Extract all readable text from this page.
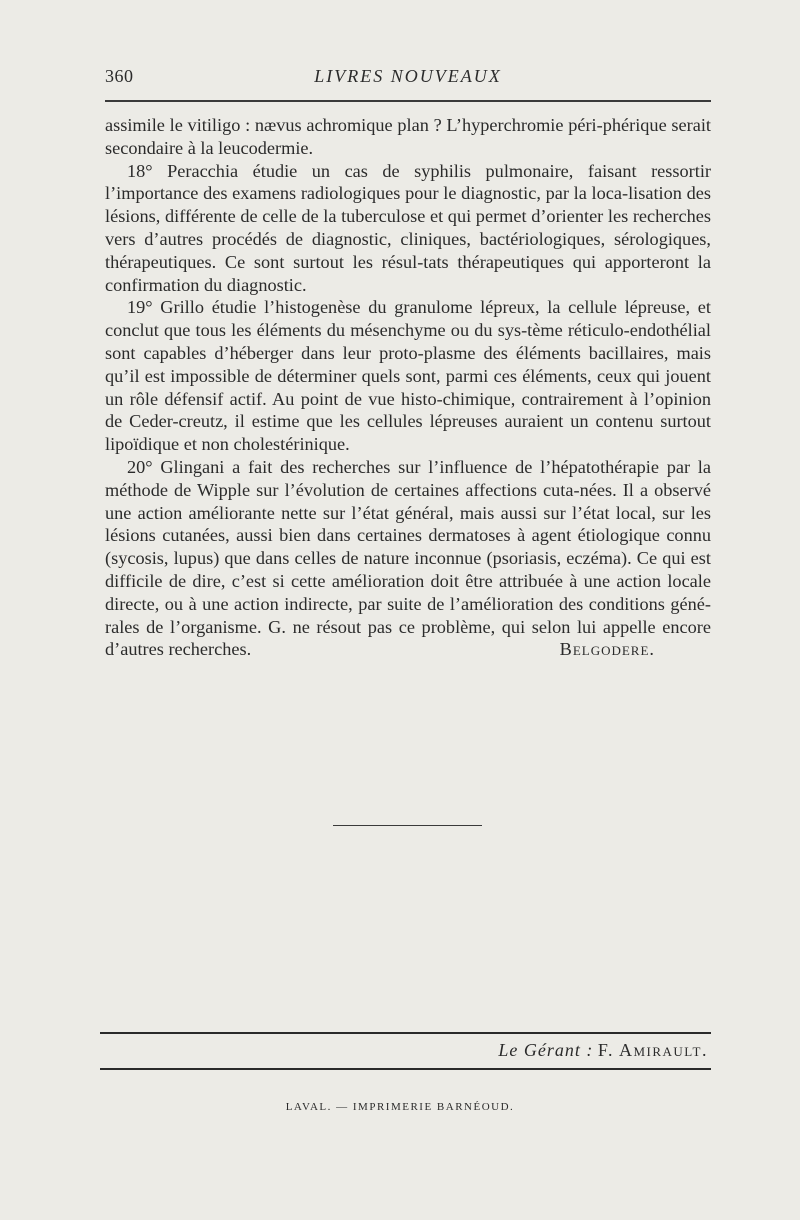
360	LIVRES NOUVEAUX

assimile le vitiligo : nævus achromique plan ? L’hyperchromie péri-phérique serait secondaire à la leucodermie.

18° Peracchia étudie un cas de syphilis pulmonaire, faisant ressortir l’importance des examens radiologiques pour le diagnostic, par la loca-lisation des lésions, différente de celle de la tuberculose et qui permet d’orienter les recherches vers d’autres procédés de diagnostic, cliniques, bactériologiques, sérologiques, thérapeutiques. Ce sont surtout les résul-tats thérapeutiques qui apporteront la confirmation du diagnostic.

19° Grillo étudie l’histogenèse du granulome lépreux, la cellule lépreuse, et conclut que tous les éléments du mésenchyme ou du sys-tème réticulo-endothélial sont capables d’héberger dans leur proto-plasme des éléments bacillaires, mais qu’il est impossible de déterminer quels sont, parmi ces éléments, ceux qui jouent un rôle défensif actif. Au point de vue histo-chimique, contrairement à l’opinion de Ceder-creutz, il estime que les cellules lépreuses auraient un contenu surtout lipoïdique et non cholestérinique.

20° Glingani a fait des recherches sur l’influence de l’hépatothérapie par la méthode de Wipple sur l’évolution de certaines affections cuta-nées. Il a observé une action améliorante nette sur l’état général, mais aussi sur l’état local, sur les lésions cutanées, aussi bien dans certaines dermatoses à agent étiologique connu (sycosis, lupus) que dans celles de nature inconnue (psoriasis, eczéma). Ce qui est difficile de dire, c’est si cette amélioration doit être attribuée à une action locale directe, ou à une action indirecte, par suite de l’amélioration des conditions géné-rales de l’organisme. G. ne résout pas ce problème, qui selon lui appelle encore d’autres recherches.	Belgodere.

Le Gérant : F. Amirault.
LAVAL. — IMPRIMERIE BARNÉOUD.
